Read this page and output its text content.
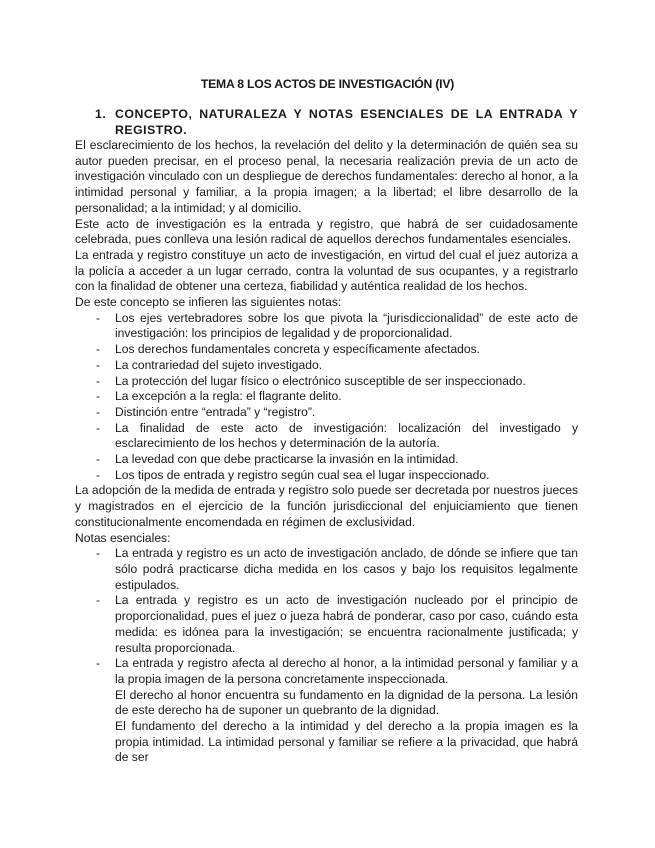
TEMA 8 LOS ACTOS DE INVESTIGACIÓN (IV)
1. CONCEPTO, NATURALEZA Y NOTAS ESENCIALES DE LA ENTRADA Y REGISTRO.

El esclarecimiento de los hechos, la revelación del delito y la determinación de quién sea su autor pueden precisar, en el proceso penal, la necesaria realización previa de un acto de investigación vinculado con un despliegue de derechos fundamentales: derecho al honor, a la intimidad personal y familiar, a la propia imagen; a la libertad; el libre desarrollo de la personalidad; a la intimidad; y al domicilio.

Este acto de investigación es la entrada y registro, que habrá de ser cuidadosamente celebrada, pues conlleva una lesión radical de aquellos derechos fundamentales esenciales.

La entrada y registro constituye un acto de investigación, en virtud del cual el juez autoriza a la policía a acceder a un lugar cerrado, contra la voluntad de sus ocupantes, y a registrarlo con la finalidad de obtener una certeza, fiabilidad y auténtica realidad de los hechos.

De este concepto se infieren las siguientes notas:

- Los ejes vertebradores sobre los que pivota la “jurisdiccionalidad” de este acto de investigación: los principios de legalidad y de proporcionalidad.
- Los derechos fundamentales concreta y específicamente afectados.
- La contrariedad del sujeto investigado.
- La protección del lugar físico o electrónico susceptible de ser inspeccionado.
- La excepción a la regla: el flagrante delito.
- Distinción entre “entrada” y “registro”.
- La finalidad de este acto de investigación: localización del investigado y esclarecimiento de los hechos y determinación de la autoría.
- La levedad con que debe practicarse la invasión en la intimidad.
- Los tipos de entrada y registro según cual sea el lugar inspeccionado.

La adopción de la medida de entrada y registro solo puede ser decretada por nuestros jueces y magistrados en el ejercicio de la función jurisdiccional del enjuiciamiento que tienen constitucionalmente encomendada en régimen de exclusividad.

Notas esenciales:

- La entrada y registro es un acto de investigación anclado, de dónde se infiere que tan sólo podrá practicarse dicha medida en los casos y bajo los requisitos legalmente estipulados.
- La entrada y registro es un acto de investigación nucleado por el principio de proporcionalidad, pues el juez o jueza habrá de ponderar, caso por caso, cuándo esta medida: es idónea para la investigación; se encuentra racionalmente justificada; y resulta proporcionada.
- La entrada y registro afecta al derecho al honor, a la intimidad personal y familiar y a la propia imagen de la persona concretamente inspeccionada.

El derecho al honor encuentra su fundamento en la dignidad de la persona. La lesión de este derecho ha de suponer un quebranto de la dignidad.

El fundamento del derecho a la intimidad y del derecho a la propia imagen es la propia intimidad. La intimidad personal y familiar se refiere a la privacidad, que habrá de ser
